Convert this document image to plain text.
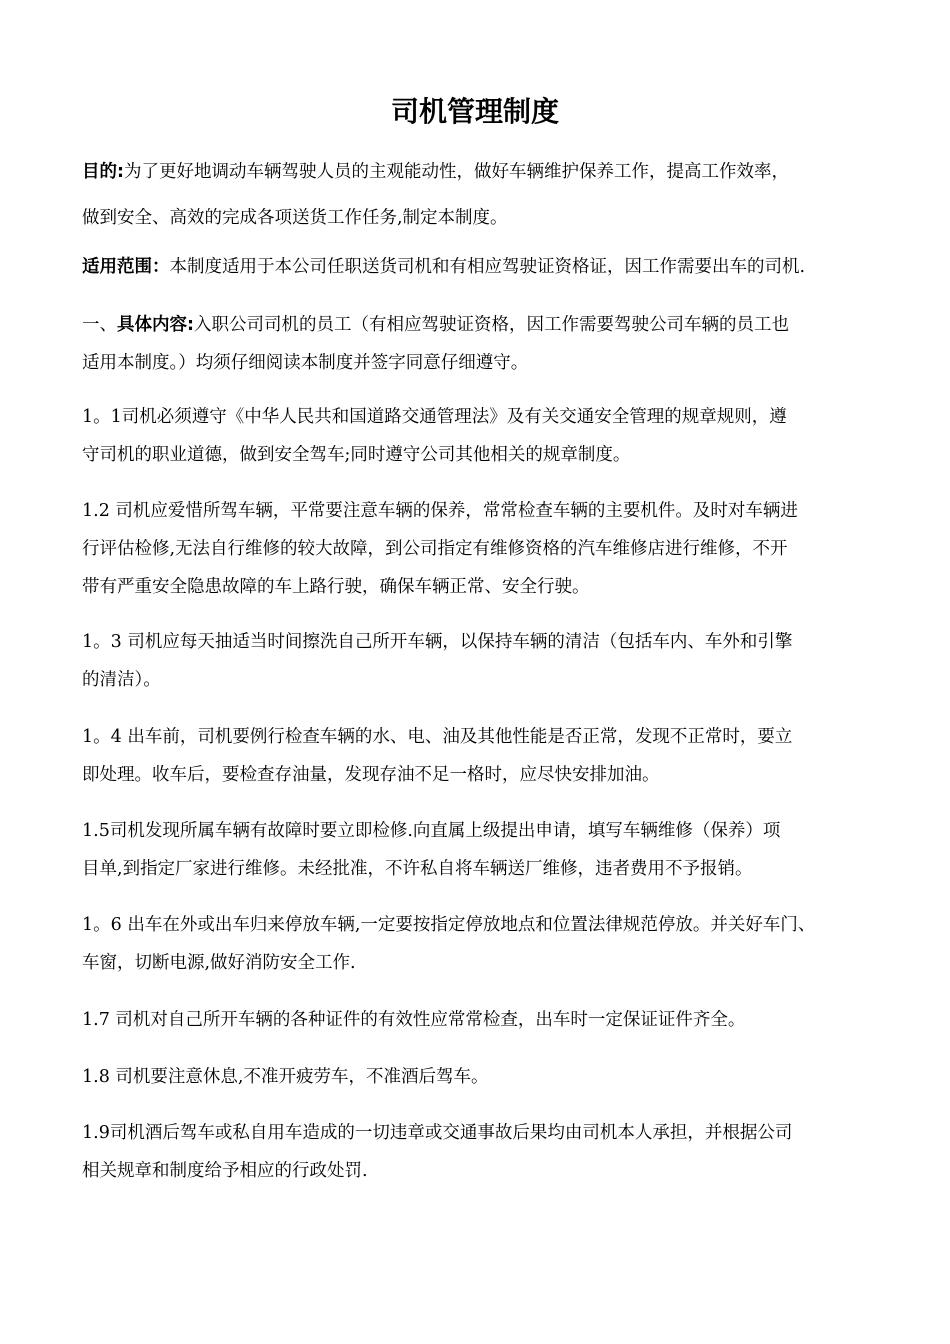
司机管理制度

目的:为了更好地调动车辆驾驶人员的主观能动性，做好车辆维护保养工作，提高工作效率，

做到安全、高效的完成各项送货工作任务,制定本制度。

适用范围：本制度适用于本公司任职送货司机和有相应驾驶证资格证，因工作需要出车的司机.

一、具体内容:入职公司司机的员工（有相应驾驶证资格，因工作需要驾驶公司车辆的员工也
适用本制度。）均须仔细阅读本制度并签字同意仔细遵守。

1。1司机必须遵守《中华人民共和国道路交通管理法》及有关交通安全管理的规章规则，遵
守司机的职业道德，做到安全驾车;同时遵守公司其他相关的规章制度。

1.2 司机应爱惜所驾车辆，平常要注意车辆的保养，常常检查车辆的主要机件。及时对车辆进
行评估检修,无法自行维修的较大故障，到公司指定有维修资格的汽车维修店进行维修，不开
带有严重安全隐患故障的车上路行驶，确保车辆正常、安全行驶。

1。3 司机应每天抽适当时间擦洗自己所开车辆，以保持车辆的清洁（包括车内、车外和引擎
的清洁）。

1。4 出车前，司机要例行检查车辆的水、电、油及其他性能是否正常，发现不正常时，要立
即处理。收车后，要检查存油量，发现存油不足一格时，应尽快安排加油。

1.5司机发现所属车辆有故障时要立即检修.向直属上级提出申请，填写车辆维修（保养）项
目单,到指定厂家进行维修。未经批准，不许私自将车辆送厂维修，违者费用不予报销。

1。6 出车在外或出车归来停放车辆,一定要按指定停放地点和位置法律规范停放。并关好车门、
车窗，切断电源,做好消防安全工作.

1.7 司机对自己所开车辆的各种证件的有效性应常常检查，出车时一定保证证件齐全。

1.8 司机要注意休息,不准开疲劳车，不准酒后驾车。

1.9司机酒后驾车或私自用车造成的一切违章或交通事故后果均由司机本人承担，并根据公司
相关规章和制度给予相应的行政处罚.
